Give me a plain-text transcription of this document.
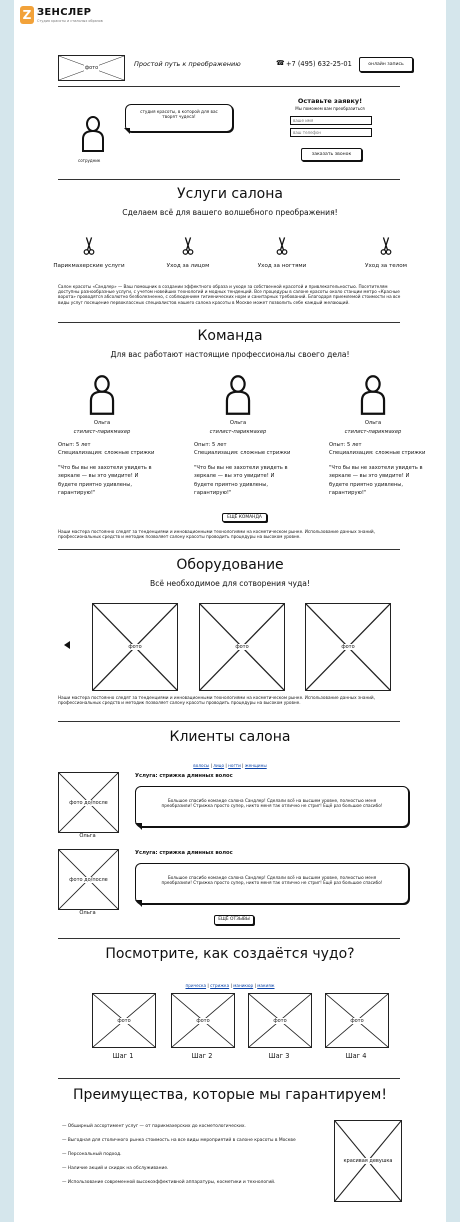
Z ЗЕНСЛЕР
Студия красоты и стильных образов
фото	Простой путь к преображению	☎ +7 (495) 632-25-01	онлайн запись
сотрудник
студия красоты, в которой для вас творят чудеса!
Оставьте заявку!
Мы поможем вам преобразиться
ваше имя
ваш телефон
заказать звонок
Услуги салона
Сделаем всё для вашего волшебного преображения!
Салон красоты «Сандлер» — Ваш помощник в создании эффектного образа и уходе за собственной красотой и привлекательностью. Посетителям доступны разнообразные услуги, с учетом новейших технологий и модных тенденций. Все процедуры в салоне красоты около станции метро «Красные ворота» проводятся абсолютно безболезненно, с соблюдением гигиенических норм и санитарных требований. Благодаря приемлемой стоимости на все виды услуг посещение первоклассных специалистов нашего салона красоты в Москве может позволить себе каждый желающий.
Команда
Для вас работают настоящие профессионалы своего дела!
ЕЩЁ КОМАНДА
Наши мастера постоянно следят за тенденциями и инновационными технологиями на косметическом рынке. Использование данных знаний, профессиональных средств и методик позволяет салону красоты проводить процедуры на высоком уровне.
Оборудование
Всё необходимое для сотворения чуда!
Наши мастера постоянно следят за тенденциями и инновационными технологиями на косметическом рынке. Использование данных знаний, профессиональных средств и методик позволяет салону красоты проводить процедуры на высоком уровне.
Клиенты салона
волосы | лицо | ногти | женщины
ЕЩЁ ОТЗЫВЫ
Посмотрите, как создаётся чудо?
прическа | стрижка | маникюр | макияж
Преимущества, которые мы гарантируем!
красивая девушка
Парикмахерские услуги	Уход за лицом	Уход за ногтями	Уход за телом
Ольга
стилист-парикмахер
Опыт: 5 лет
Специализация: сложные стрижки
"Что бы вы не захотели увидеть в зеркале — вы это увидите! И будете приятно удивлены, гарантирую!"
Ольга
стилист-парикмахер
Опыт: 5 лет
Специализация: сложные стрижки
"Что бы вы не захотели увидеть в зеркале — вы это увидите! И будете приятно удивлены, гарантирую!"
Ольга
стилист-парикмахер
Опыт: 5 лет
Специализация: сложные стрижки
"Что бы вы не захотели увидеть в зеркале — вы это увидите! И будете приятно удивлены, гарантирую!"
фото	фото	фото
фото до/после
Ольга
Услуга: стрижка длинных волос
Большое спасибо команде салона Сандлер! Сделали всё на высшем уровне, полностью меня преобразили! Стрижка просто супер, никто меня так отлично не стриг! Ещё раз большое спасибо!
фото до/после
Ольга
Услуга: стрижка длинных волос
Большое спасибо команде салона Сандлер! Сделали всё на высшем уровне, полностью меня преобразили! Стрижка просто супер, никто меня так отлично не стриг! Ещё раз большое спасибо!
фото
Шаг 1
фото
Шаг 2
фото
Шаг 3
фото
Шаг 4
— Обширный ассортимент услуг — от парикмахерских до косметологических.
— Выгодная для столичного рынка стоимость на все виды мероприятий в салоне красоты в Москве
— Персональный подход.
— Наличие акций и скидок на обслуживание.
— Использование современной высокоэффективной аппаратуры, косметики и технологий.
